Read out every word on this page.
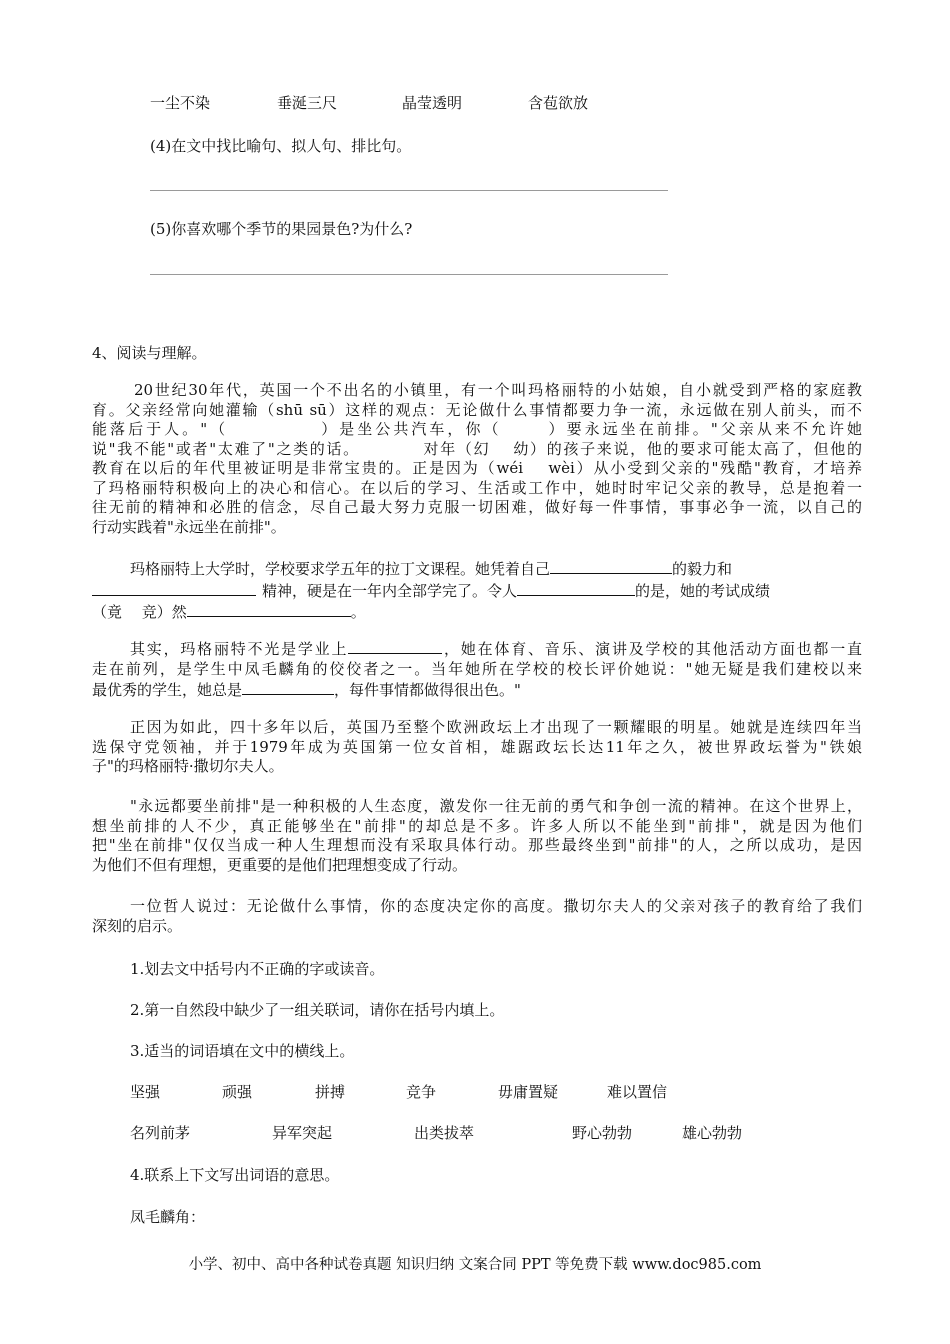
一尘不染	垂涎三尺	晶莹透明	含苞欲放
(4)在文中找比喻句、拟人句、排比句。
(5)你喜欢哪个季节的果园景色?为什么?
4、阅读与理解。
20世纪30年代，英国一个不出名的小镇里，有一个叫玛格丽特的小姑娘，自小就受到严格的家庭教
育。父亲经常向她灌输（shū sū）这样的观点：无论做什么事情都要力争一流，永远做在别人前头，而不
能落后于人。"（	）是坐公共汽车，你（	）要永远坐在前排。"父亲从来不允许她
说"我不能"或者"太难了"之类的话。	对年（幻　 幼）的孩子来说，他的要求可能太高了，但他的
教育在以后的年代里被证明是非常宝贵的。正是因为（wéi　 wèi）从小受到父亲的"残酷"教育，才培养
了玛格丽特积极向上的决心和信心。在以后的学习、生活或工作中，她时时牢记父亲的教导，总是抱着一
往无前的精神和必胜的信念，尽自己最大努力克服一切困难，做好每一件事情，事事必争一流，以自己的
行动实践着"永远坐在前排"。
玛格丽特上大学时，学校要求学五年的拉丁文课程。她凭着自己	的毅力和
精神，硬是在一年内全部学完了。令人	的是，她的考试成绩
（竟　 竞）然	。
其实，玛格丽特不光是学业上	，她在体育、音乐、演讲及学校的其他活动方面也都一直
走在前列，是学生中凤毛麟角的佼佼者之一。当年她所在学校的校长评价她说："她无疑是我们建校以来
最优秀的学生，她总是	，每件事情都做得很出色。"
正因为如此，四十多年以后，英国乃至整个欧洲政坛上才出现了一颗耀眼的明星。她就是连续四年当
选保守党领袖，并于1979年成为英国第一位女首相，雄踞政坛长达11年之久，被世界政坛誉为"铁娘
子"的玛格丽特·撒切尔夫人。
"永远都要坐前排"是一种积极的人生态度，激发你一往无前的勇气和争创一流的精神。在这个世界上，
想坐前排的人不少，真正能够坐在"前排"的却总是不多。许多人所以不能坐到"前排"，就是因为他们
把"坐在前排"仅仅当成一种人生理想而没有采取具体行动。那些最终坐到"前排"的人，之所以成功，是因
为他们不但有理想，更重要的是他们把理想变成了行动。
一位哲人说过：无论做什么事情，你的态度决定你的高度。撒切尔夫人的父亲对孩子的教育给了我们
深刻的启示。
1.划去文中括号内不正确的字或读音。
2.第一自然段中缺少了一组关联词，请你在括号内填上。
3.适当的词语填在文中的横线上。
坚强	顽强	拼搏	竞争	毋庸置疑	难以置信
名列前茅	异军突起	出类拔萃	野心勃勃	雄心勃勃
4.联系上下文写出词语的意思。
凤毛麟角：
小学、初中、高中各种试卷真题 知识归纳 文案合同 PPT 等免费下载 www.doc985.com
